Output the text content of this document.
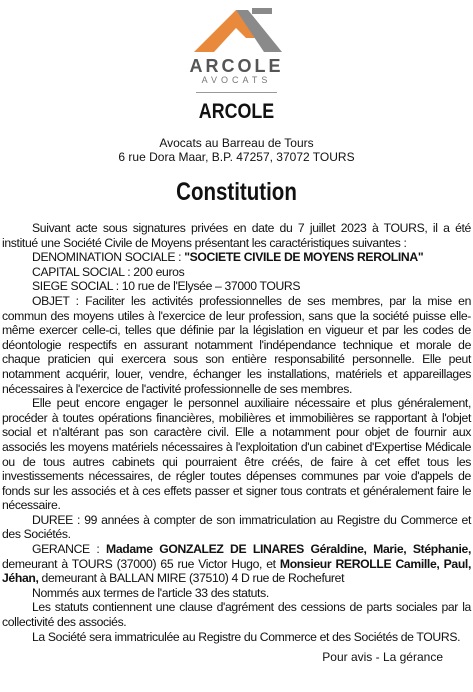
ARCOLE
AVOCATS
ARCOLE
Avocats au Barreau de Tours
6 rue Dora Maar, B.P. 47257, 37072 TOURS
Constitution

Suivant acte sous signatures privées en date du 7 juillet 2023 à TOURS, il a été institué une Société Civile de Moyens présentant les caractéristiques suivantes :

DENOMINATION SOCIALE : "SOCIETE CIVILE DE MOYENS REROLINA"

CAPITAL SOCIAL : 200 euros

SIEGE SOCIAL : 10 rue de l'Elysée – 37000 TOURS

OBJET : Faciliter les activités professionnelles de ses membres, par la mise en commun des moyens utiles à l'exercice de leur profession, sans que la société puisse elle-même exercer celle-ci, telles que définie par la législation en vigueur et par les codes de déontologie respectifs en assurant notamment l'indépendance technique et morale de chaque praticien qui exercera sous son entière responsabilité personnelle. Elle peut notamment acquérir, louer, vendre, échanger les installations, matériels et appareillages nécessaires à l'exercice de l'activité professionnelle de ses membres.

Elle peut encore engager le personnel auxiliaire nécessaire et plus généralement, procéder à toutes opérations financières, mobilières et immobilières se rapportant à l'objet social et n'altérant pas son caractère civil. Elle a notamment pour objet de fournir aux associés les moyens matériels nécessaires à l'exploitation d'un cabinet d'Expertise Médicale ou de tous autres cabinets qui pourraient être créés, de faire à cet effet tous les investissements nécessaires, de régler toutes dépenses communes par voie d'appels de fonds sur les associés et à ces effets passer et signer tous contrats et généralement faire le nécessaire.

DUREE : 99 années à compter de son immatriculation au Registre du Commerce et des Sociétés.

GERANCE : Madame GONZALEZ DE LINARES Géraldine, Marie, Stéphanie, demeurant à TOURS (37000) 65 rue Victor Hugo, et Monsieur REROLLE Camille, Paul, Jéhan, demeurant à BALLAN MIRE (37510) 4 D rue de Rochefuret

Nommés aux termes de l'article 33 des statuts.

Les statuts contiennent une clause d'agrément des cessions de parts sociales par la collectivité des associés.

La Société sera immatriculée au Registre du Commerce et des Sociétés de TOURS.

Pour avis - La gérance
